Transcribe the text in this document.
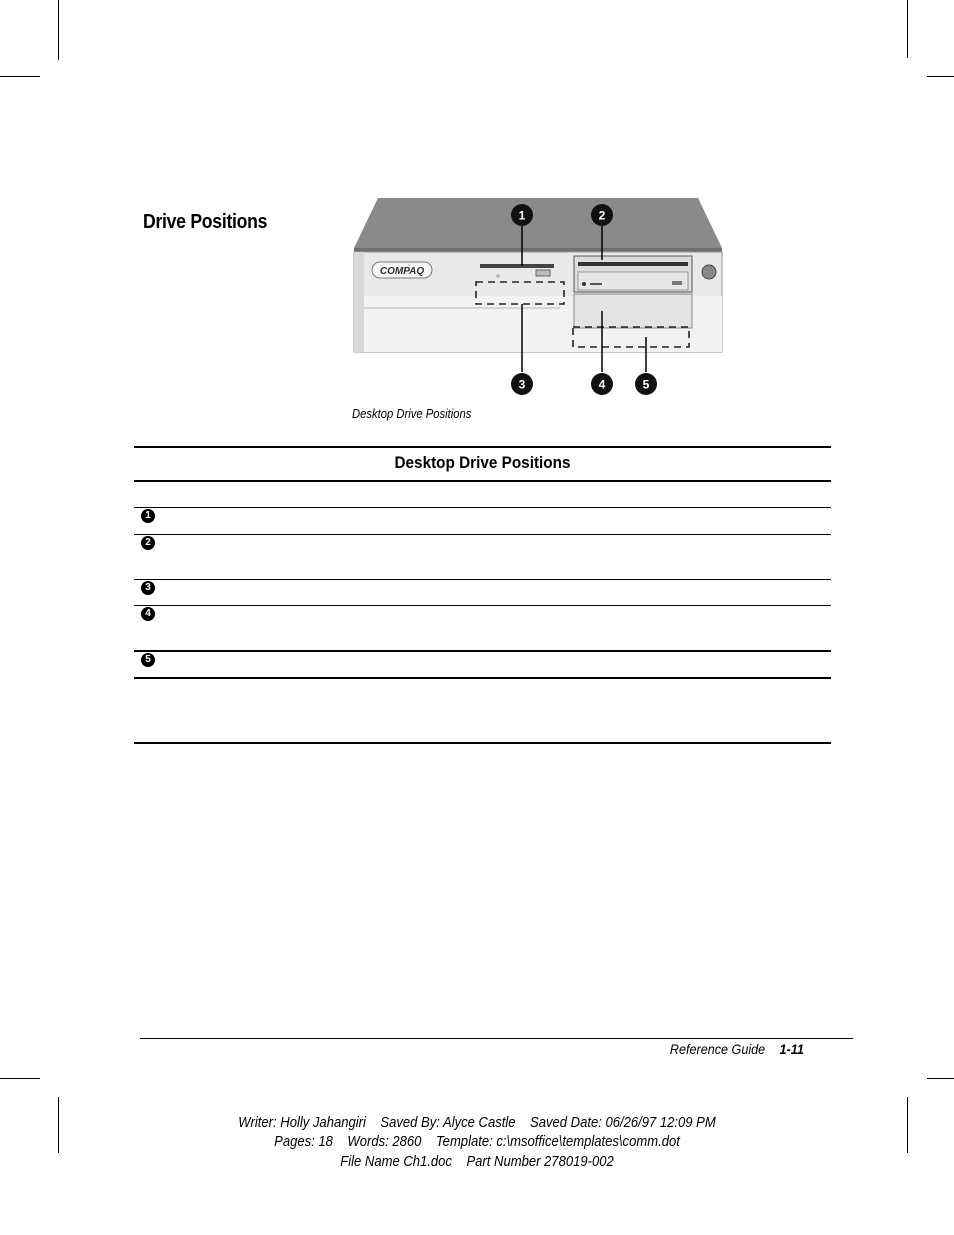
Drive Positions
COMPAQ
1	2
3	4	5
Desktop Drive Positions
Desktop Drive Positions
1
2
3
4
5
Reference Guide 1-11
Writer: Holly Jahangiri    Saved By: Alyce Castle    Saved Date: 06/26/97 12:09 PM
Pages: 18    Words: 2860    Template: c:\msoffice\templates\comm.dot
File Name Ch1.doc    Part Number 278019-002
